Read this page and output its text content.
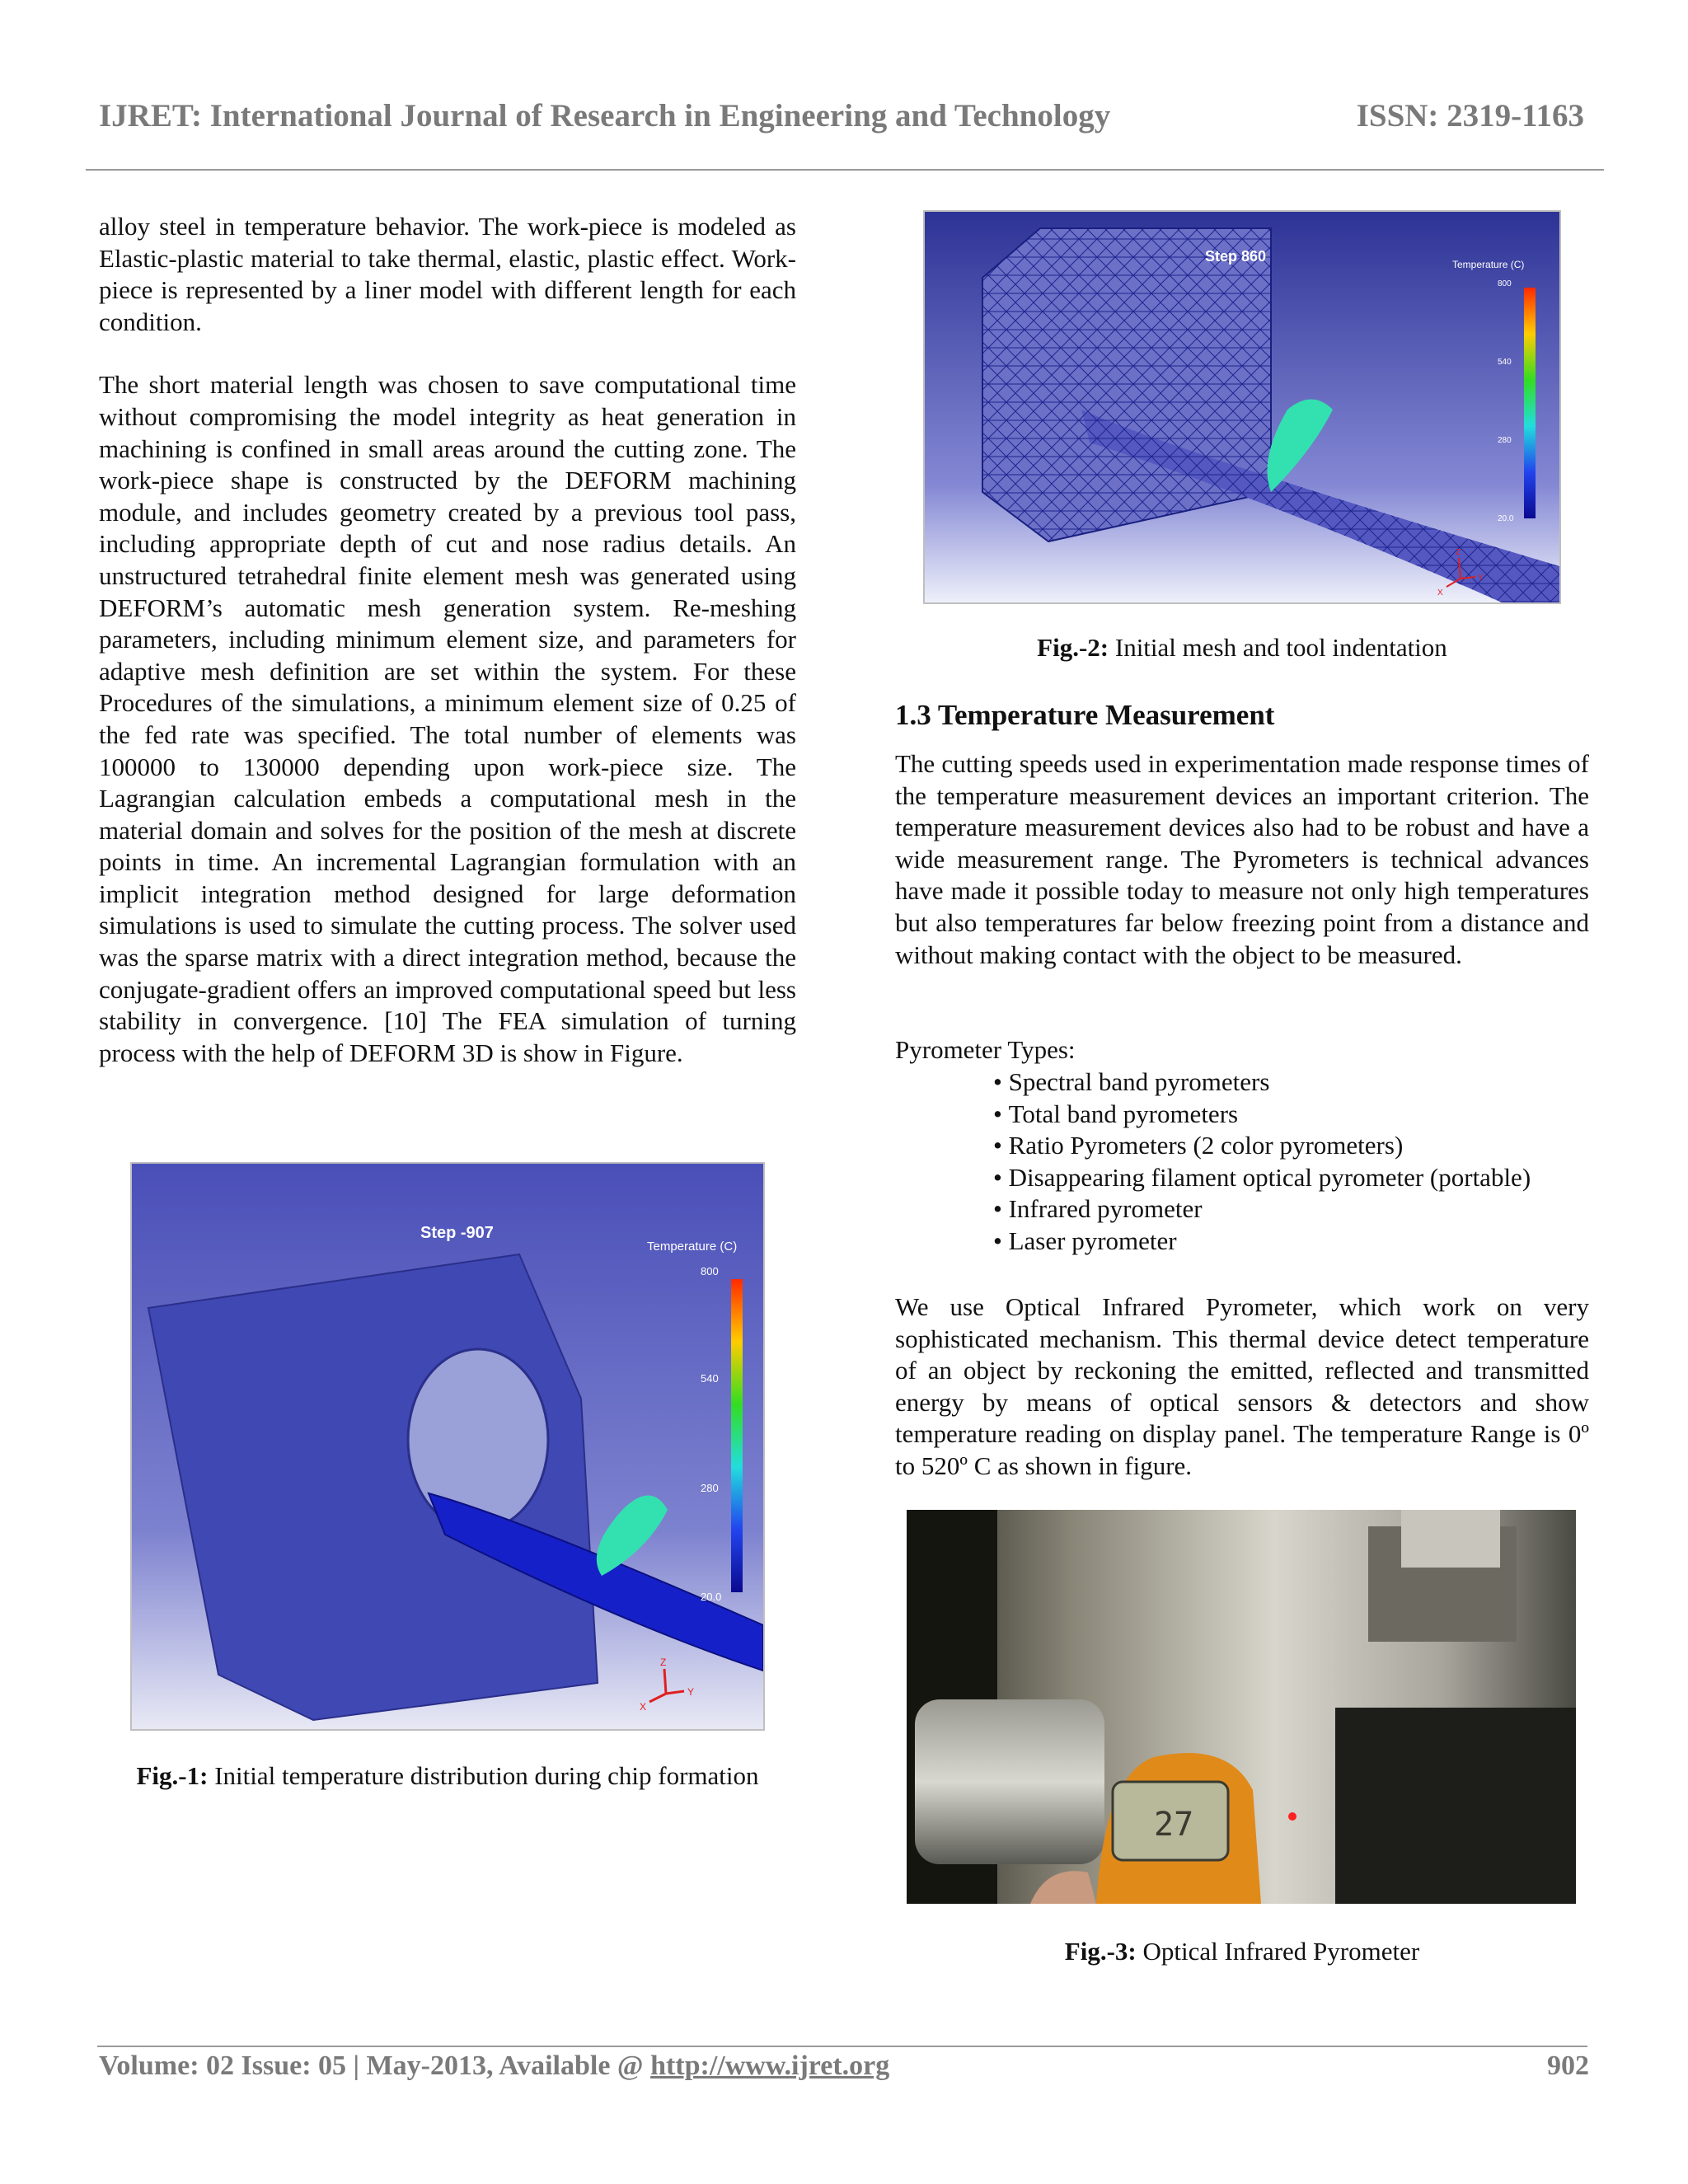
IJRET: International Journal of Research in Engineering and Technology	ISSN: 2319-1163

alloy steel in temperature behavior. The work-piece is modeled as Elastic-plastic material to take thermal, elastic, plastic effect. Work-piece is represented by a liner model with different length for each condition.

The short material length was chosen to save computational time without compromising the model integrity as heat generation in machining is confined in small areas around the cutting zone. The work-piece shape is constructed by the DEFORM machining module, and includes geometry created by a previous tool pass, including appropriate depth of cut and nose radius details. An unstructured tetrahedral finite element mesh was generated using DEFORM’s automatic mesh generation system. Re-meshing parameters, including minimum element size, and parameters for adaptive mesh definition are set within the system. For these Procedures of the simulations, a minimum element size of 0.25 of the fed rate was specified. The total number of elements was 100000 to 130000 depending upon work-piece size. The Lagrangian calculation embeds a computational mesh in the material domain and solves for the position of the mesh at discrete points in time. An incremental Lagrangian formulation with an implicit integration method designed for large deformation simulations is used to simulate the cutting process. The solver used was the sparse matrix with a direct integration method, because the conjugate-gradient offers an improved computational speed but less stability in convergence. [10] The FEA simulation of turning process with the help of DEFORM 3D is show in Figure.

Step -907
Temperature (C)
800
540
280
20.0
Z
X
Y
Fig.-1: Initial temperature distribution during chip formation
Step 860	Temperature (C)
800
540
280
20.0
Z
X
Y
Fig.-2: Initial mesh and tool indentation
1.3 Temperature Measurement

The cutting speeds used in experimentation made response times of the temperature measurement devices an important criterion. The temperature measurement devices also had to be robust and have a wide measurement range. The Pyrometers is technical advances have made it possible today to measure not only high temperatures but also temperatures far below freezing point from a distance and without making contact with the object to be measured.

Pyrometer Types:
• Spectral band pyrometers
• Total band pyrometers
• Ratio Pyrometers (2 color pyrometers)
• Disappearing filament optical pyrometer (portable)
• Infrared pyrometer
• Laser pyrometer

We use Optical Infrared Pyrometer, which work on very sophisticated mechanism. This thermal device detect temperature of an object by reckoning the emitted, reflected and transmitted energy by means of optical sensors & detectors and show temperature reading on display panel. The temperature Range is 0º to 520º C as shown in figure.

27
Fig.-3: Optical Infrared Pyrometer
Volume: 02 Issue: 05 | May-2013, Available @ http://www.ijret.org	902
